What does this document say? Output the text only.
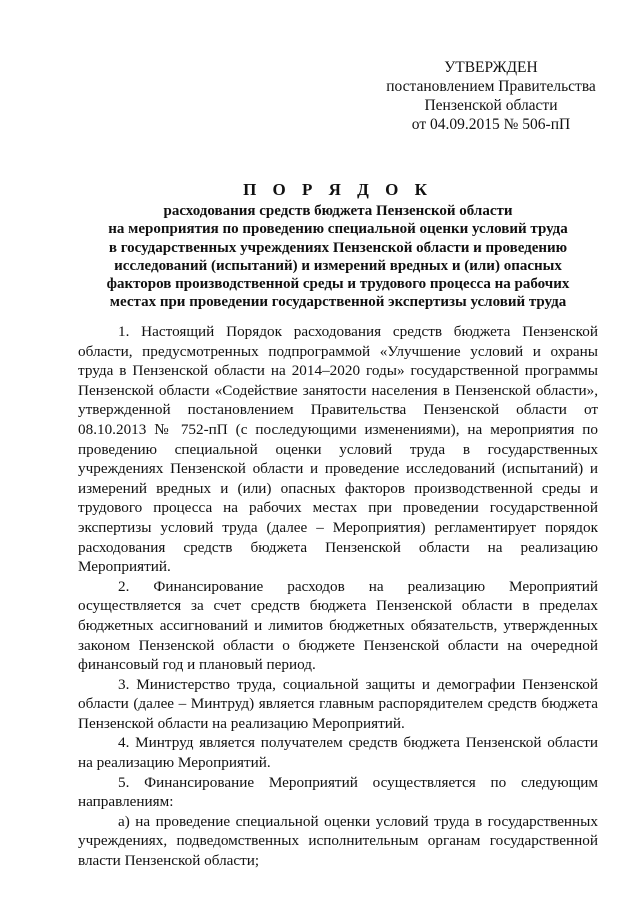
УТВЕРЖДЕН
постановлением Правительства
Пензенской области
от 04.09.2015 № 506-пП
П О Р Я Д О К
расходования средств бюджета Пензенской области
на мероприятия по проведению специальной оценки условий труда
в государственных учреждениях Пензенской области и проведению
исследований (испытаний) и измерений вредных и (или) опасных
факторов производственной среды и трудового процесса на рабочих
местах при проведении государственной экспертизы условий труда

1. Настоящий Порядок расходования средств бюджета Пензенской области, предусмотренных подпрограммой «Улучшение условий и охраны труда в Пензенской области на 2014–2020 годы» государственной программы Пензенской области «Содействие занятости населения в Пензенской области», утвержденной постановлением Правительства Пензенской области от 08.10.2013 № 752-пП (с последующими изменениями), на мероприятия по проведению специальной оценки условий труда в государственных учреждениях Пензенской области и проведение исследований (испытаний) и измерений вредных и (или) опасных факторов производственной среды и трудового процесса на рабочих местах при проведении государственной экспертизы условий труда (далее – Мероприятия) регламентирует порядок расходования средств бюджета Пензенской области на реализацию Мероприятий.

2. Финансирование расходов на реализацию Мероприятий осуществляется за счет средств бюджета Пензенской области в пределах бюджетных ассигнований и лимитов бюджетных обязательств, утвержденных законом Пензенской области о бюджете Пензенской области на очередной финансовый год и плановый период.

3. Министерство труда, социальной защиты и демографии Пензенской области (далее – Минтруд) является главным распорядителем средств бюджета Пензенской области на реализацию Мероприятий.

4. Минтруд является получателем средств бюджета Пензенской области на реализацию Мероприятий.

5. Финансирование Мероприятий осуществляется по следующим направлениям:

а) на проведение специальной оценки условий труда в государственных учреждениях, подведомственных исполнительным органам государственной власти Пензенской области;
